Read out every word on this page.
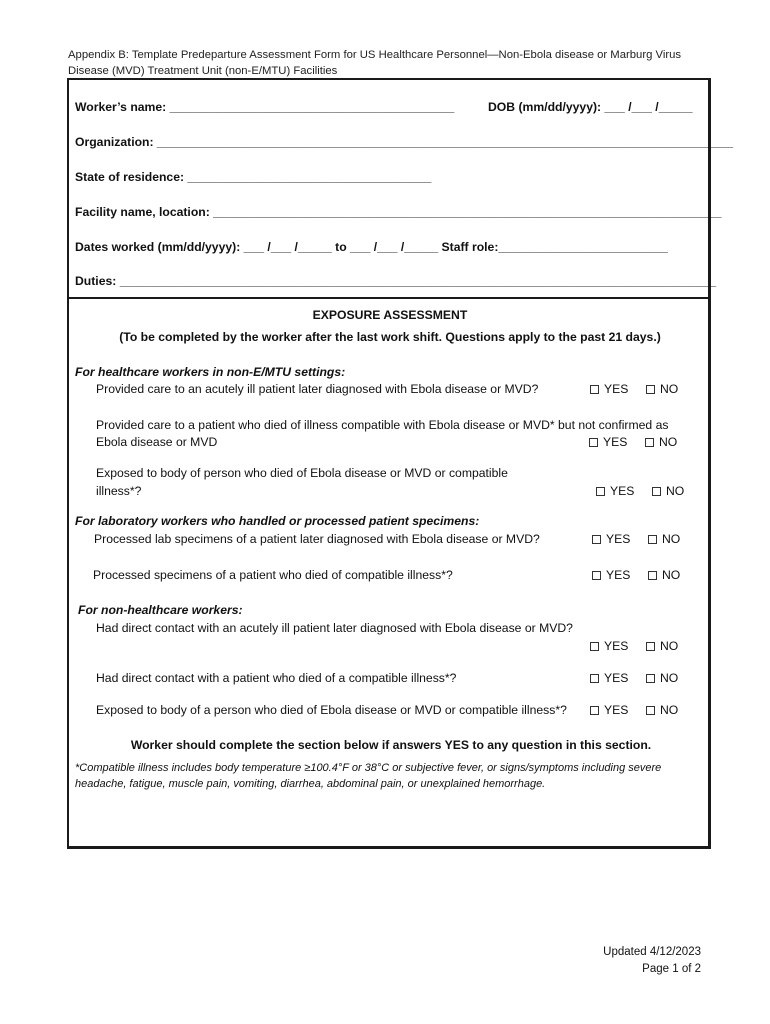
Appendix B: Template Predeparture Assessment Form for US Healthcare Personnel—Non-Ebola disease or Marburg Virus
Disease (MVD) Treatment Unit (non-E/MTU) Facilities
Worker’s name: __________________________________________	DOB (mm/dd/yyyy): ___ /___ /_____
Organization: _____________________________________________________________________________________
State of residence: ____________________________________
Facility name, location: ___________________________________________________________________________
Dates worked (mm/dd/yyyy): ___ /___ /_____ to ___ /___ /_____ Staff role:_________________________
Duties: ________________________________________________________________________________________
EXPOSURE ASSESSMENT
(To be completed by the worker after the last work shift. Questions apply to the past 21 days.)
For healthcare workers in non-E/MTU settings:
Provided care to an acutely ill patient later diagnosed with Ebola disease or MVD?	YES	NO
Provided care to a patient who died of illness compatible with Ebola disease or MVD* but not confirmed as
Ebola disease or MVD	YES	NO
Exposed to body of person who died of Ebola disease or MVD or compatible
illness*?	YES	NO
For laboratory workers who handled or processed patient specimens:
Processed lab specimens of a patient later diagnosed with Ebola disease or MVD?	YES	NO
Processed specimens of a patient who died of compatible illness*?	YES	NO
For non-healthcare workers:
Had direct contact with an acutely ill patient later diagnosed with Ebola disease or MVD?
YES	NO
Had direct contact with a patient who died of a compatible illness*?	YES	NO
Exposed to body of a person who died of Ebola disease or MVD or compatible illness*?	YES	NO
Worker should complete the section below if answers YES to any question in this section.
*Compatible illness includes body temperature ≥100.4°F or 38°C or subjective fever, or signs/symptoms including severe
headache, fatigue, muscle pain, vomiting, diarrhea, abdominal pain, or unexplained hemorrhage.
Updated 4/12/2023
Page 1 of 2
